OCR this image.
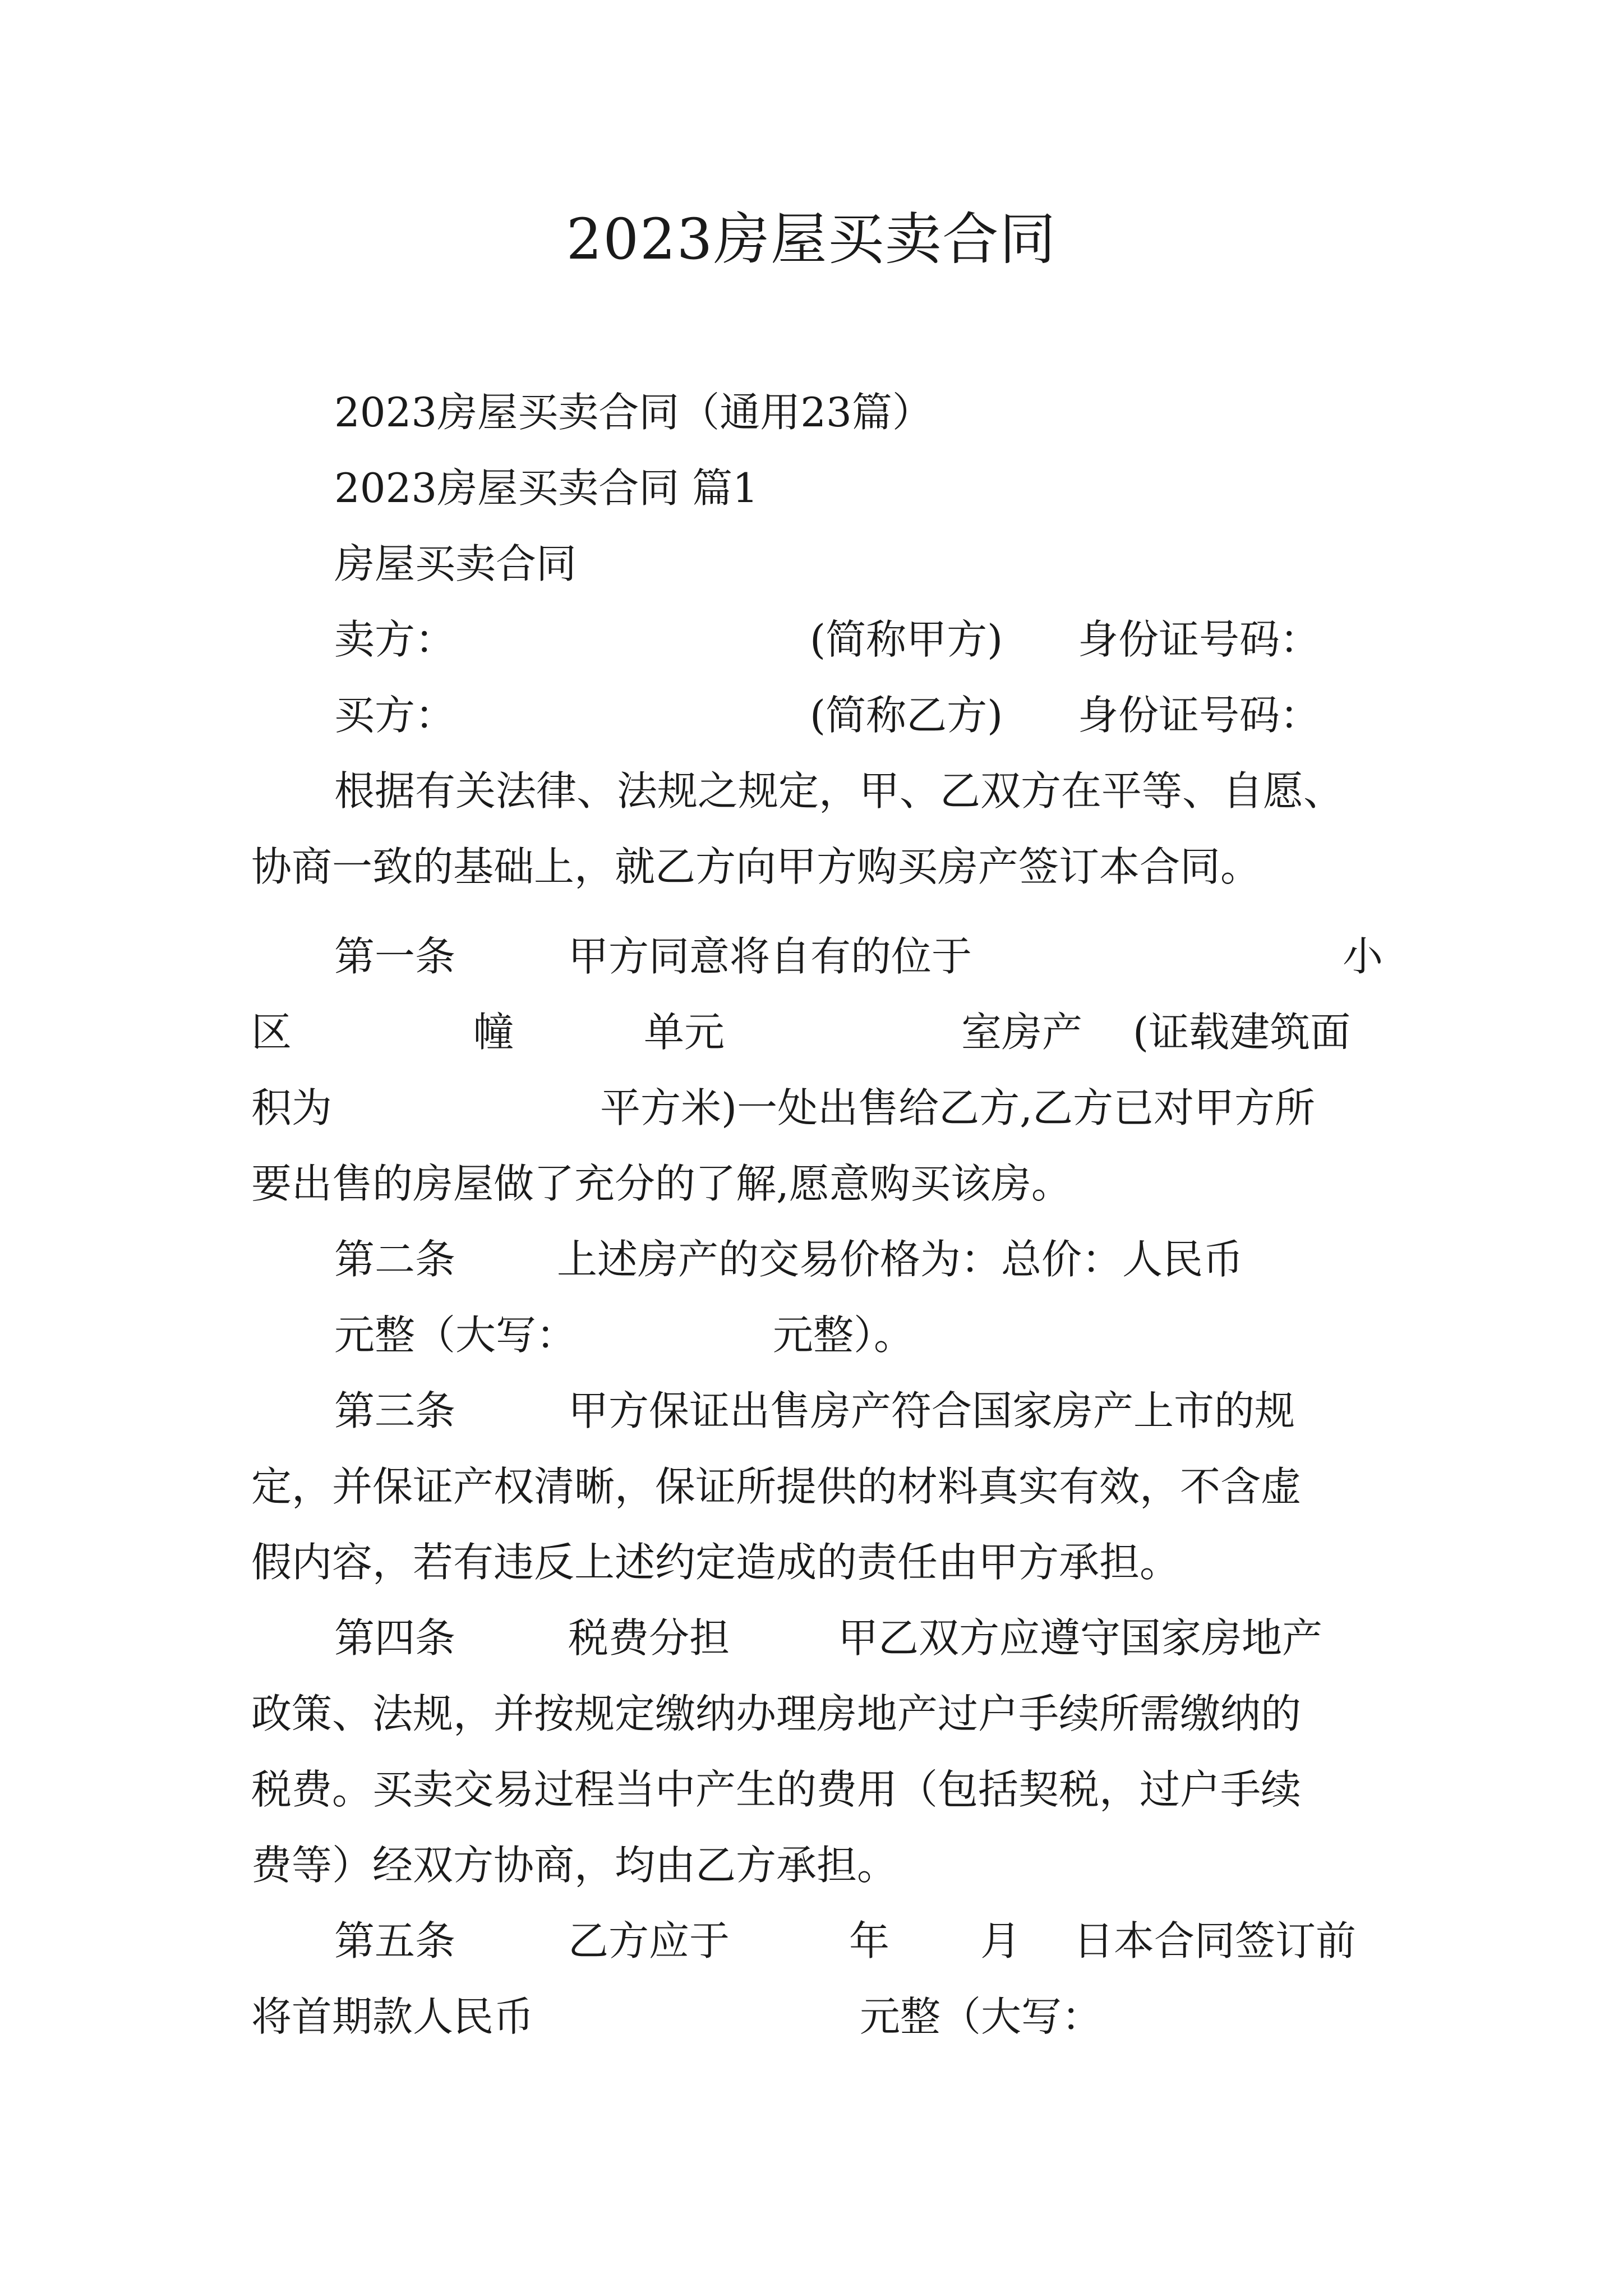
2023房屋买卖合同
2023房屋买卖合同（通用23篇）
2023房屋买卖合同 篇1
房屋买卖合同
卖方：	(简称甲方) 身份证号码：
买方：	(简称乙方) 身份证号码：
根据有关法律、法规之规定，甲、乙双方在平等、自愿、
协商一致的基础上，就乙方向甲方购买房产签订本合同。
第一条	甲方同意将自有的位于	小
区	幢	单元	室房产 (证载建筑面
积为	平方米)一处出售给乙方,乙方已对甲方所
要出售的房屋做了充分的了解,愿意购买该房。
第二条	上述房产的交易价格为：总价：人民币
元整（大写：	元整）。
第三条	甲方保证出售房产符合国家房产上市的规
定，并保证产权清晰，保证所提供的材料真实有效，不含虚
假内容，若有违反上述约定造成的责任由甲方承担。
第四条	税费分担	甲乙双方应遵守国家房地产
政策、法规，并按规定缴纳办理房地产过户手续所需缴纳的
税费。买卖交易过程当中产生的费用（包括契税，过户手续
费等）经双方协商，均由乙方承担。
第五条	乙方应于	年 月 日本合同签订前
将首期款人民币	元整（大写：
